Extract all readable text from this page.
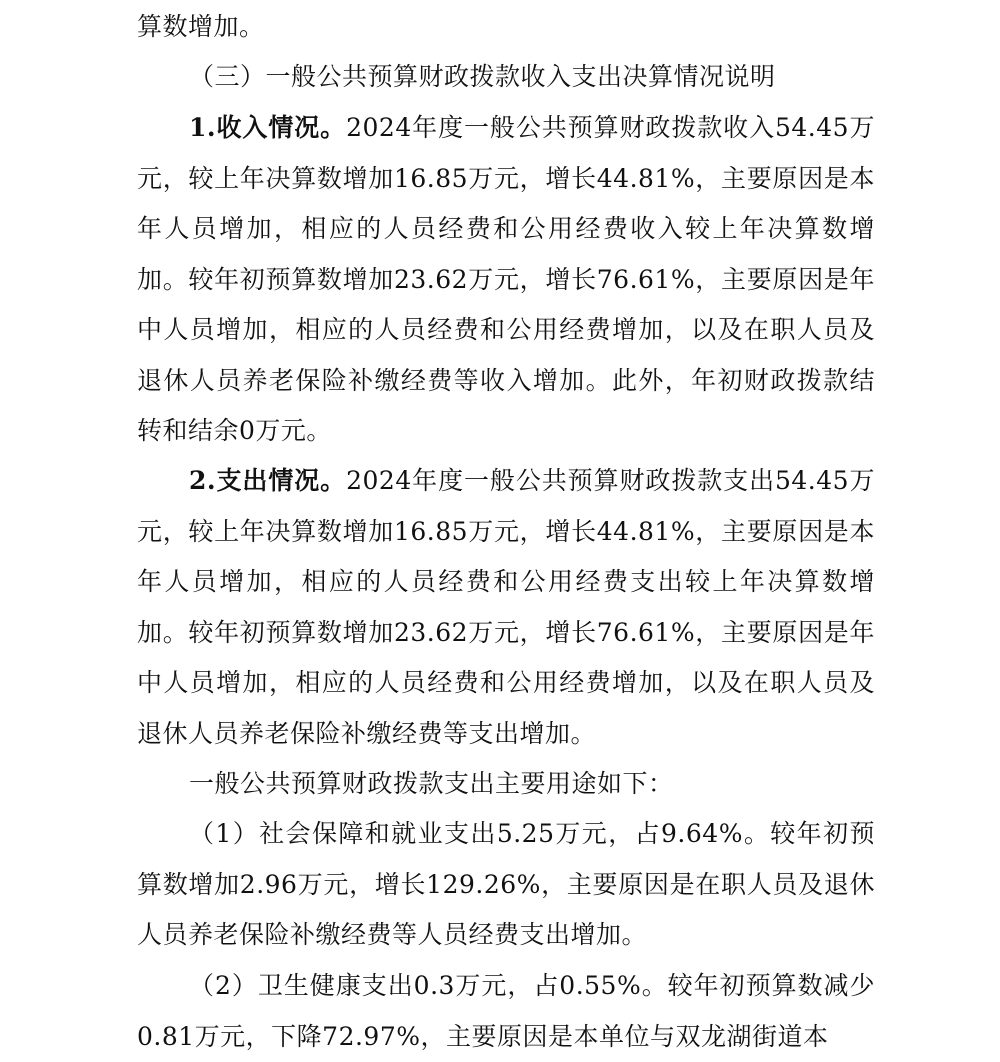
算数增加。

（三）一般公共预算财政拨款收入支出决算情况说明

1.收入情况。2024年度一般公共预算财政拨款收入54.45万元，较上年决算数增加16.85万元，增长44.81%，主要原因是本年人员增加，相应的人员经费和公用经费收入较上年决算数增加。较年初预算数增加23.62万元，增长76.61%，主要原因是年中人员增加，相应的人员经费和公用经费增加，以及在职人员及退休人员养老保险补缴经费等收入增加。此外，年初财政拨款结转和结余0万元。

2.支出情况。2024年度一般公共预算财政拨款支出54.45万元，较上年决算数增加16.85万元，增长44.81%，主要原因是本年人员增加，相应的人员经费和公用经费支出较上年决算数增加。较年初预算数增加23.62万元，增长76.61%，主要原因是年中人员增加，相应的人员经费和公用经费增加，以及在职人员及退休人员养老保险补缴经费等支出增加。

一般公共预算财政拨款支出主要用途如下：

（1）社会保障和就业支出5.25万元，占9.64%。较年初预算数增加2.96万元，增长129.26%，主要原因是在职人员及退休人员养老保险补缴经费等人员经费支出增加。

（2）卫生健康支出0.3万元，占0.55%。较年初预算数减少0.81万元，下降72.97%，主要原因是本单位与双龙湖街道本
